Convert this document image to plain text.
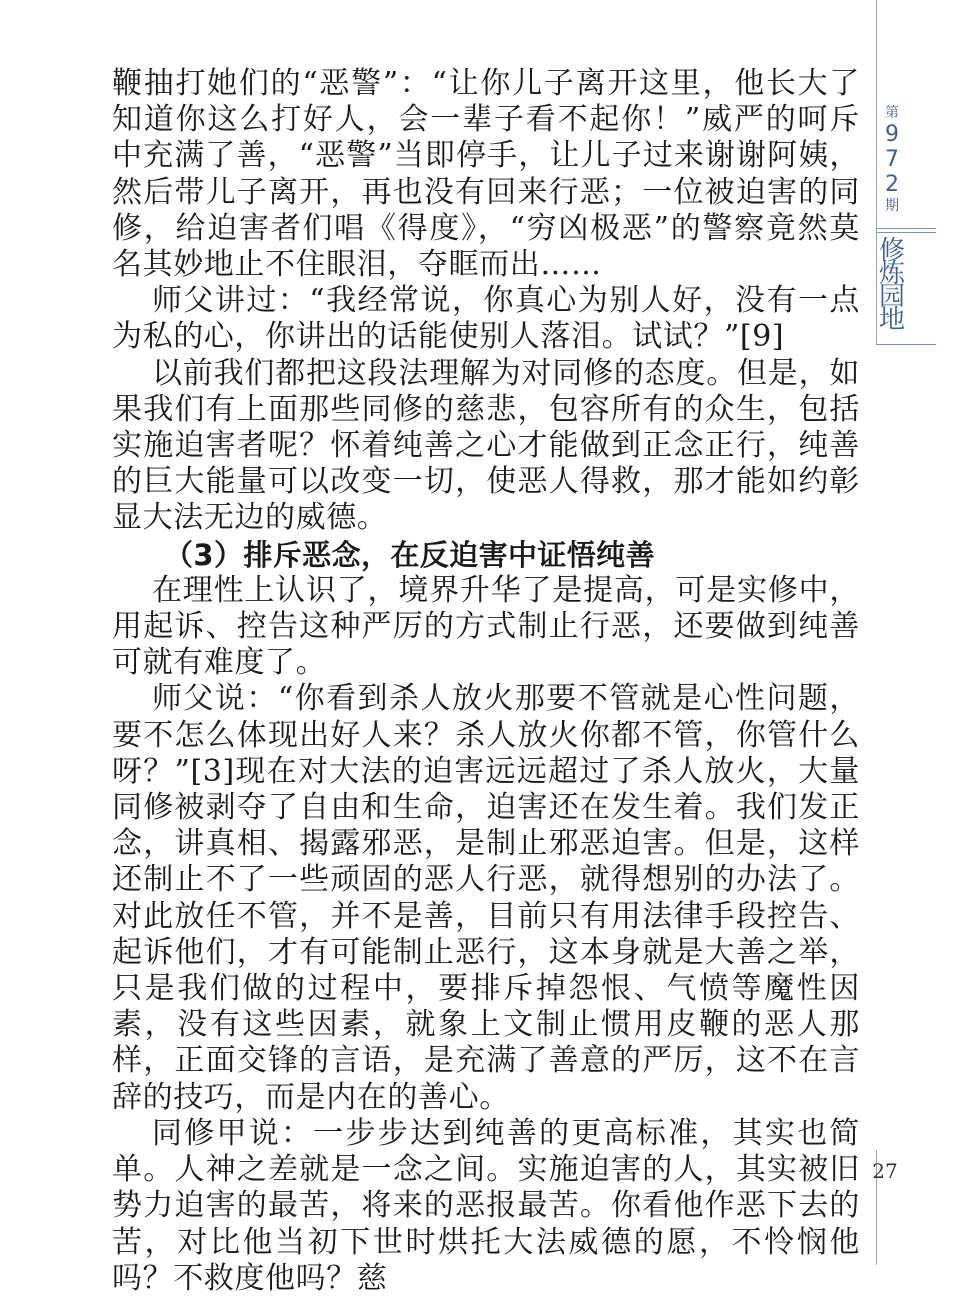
鞭抽打她们的“恶警”：“让你儿子离开这里，他长大了知道你这么打好人，会一辈子看不起你！”威严的呵斥中充满了善，“恶警”当即停手，让儿子过来谢谢阿姨，然后带儿子离开，再也没有回来行恶；一位被迫害的同修，给迫害者们唱《得度》，“穷凶极恶”的警察竟然莫名其妙地止不住眼泪，夺眶而出……

师父讲过：“我经常说，你真心为别人好，没有一点为私的心，你讲出的话能使别人落泪。试试？”[9]

以前我们都把这段法理解为对同修的态度。但是，如果我们有上面那些同修的慈悲，包容所有的众生，包括实施迫害者呢？怀着纯善之心才能做到正念正行，纯善的巨大能量可以改变一切，使恶人得救，那才能如约彰显大法无边的威德。

（3）排斥恶念，在反迫害中证悟纯善

在理性上认识了，境界升华了是提高，可是实修中，用起诉、控告这种严厉的方式制止行恶，还要做到纯善可就有难度了。

师父说：“你看到杀人放火那要不管就是心性问题，要不怎么体现出好人来？杀人放火你都不管，你管什么呀？”[3]现在对大法的迫害远远超过了杀人放火，大量同修被剥夺了自由和生命，迫害还在发生着。我们发正念，讲真相、揭露邪恶，是制止邪恶迫害。但是，这样还制止不了一些顽固的恶人行恶，就得想别的办法了。对此放任不管，并不是善，目前只有用法律手段控告、起诉他们，才有可能制止恶行，这本身就是大善之举，只是我们做的过程中，要排斥掉怨恨、气愤等魔性因素，没有这些因素，就象上文制止惯用皮鞭的恶人那样，正面交锋的言语，是充满了善意的严厉，这不在言辞的技巧，而是内在的善心。

同修甲说：一步步达到纯善的更高标准，其实也简单。人神之差就是一念之间。实施迫害的人，其实被旧势力迫害的最苦，将来的恶报最苦。你看他作恶下去的苦，对比他当初下世时烘托大法威德的愿，不怜悯他吗？不救度他吗？慈

第
9
7
2
期
修
炼
园
地
27
